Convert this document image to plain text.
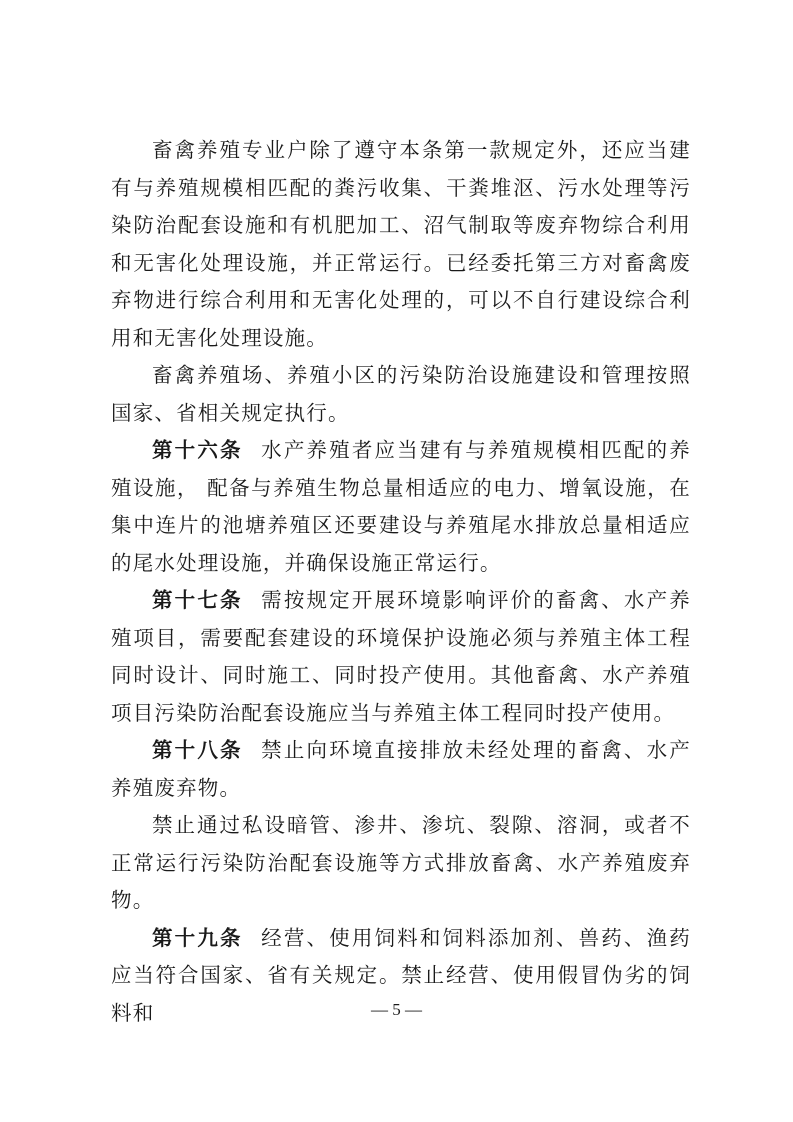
畜禽养殖专业户除了遵守本条第一款规定外，还应当建有与养殖规模相匹配的粪污收集、干粪堆沤、污水处理等污染防治配套设施和有机肥加工、沼气制取等废弃物综合利用和无害化处理设施，并正常运行。已经委托第三方对畜禽废弃物进行综合利用和无害化处理的，可以不自行建设综合利用和无害化处理设施。

畜禽养殖场、养殖小区的污染防治设施建设和管理按照国家、省相关规定执行。

第十六条 水产养殖者应当建有与养殖规模相匹配的养殖设施， 配备与养殖生物总量相适应的电力、增氧设施，在集中连片的池塘养殖区还要建设与养殖尾水排放总量相适应的尾水处理设施，并确保设施正常运行。

第十七条 需按规定开展环境影响评价的畜禽、水产养殖项目，需要配套建设的环境保护设施必须与养殖主体工程同时设计、同时施工、同时投产使用。其他畜禽、水产养殖项目污染防治配套设施应当与养殖主体工程同时投产使用。

第十八条 禁止向环境直接排放未经处理的畜禽、水产养殖废弃物。

禁止通过私设暗管、渗井、渗坑、裂隙、溶洞，或者不正常运行污染防治配套设施等方式排放畜禽、水产养殖废弃物。

第十九条 经营、使用饲料和饲料添加剂、兽药、渔药应当符合国家、省有关规定。禁止经营、使用假冒伪劣的饲料和	— 5 —
